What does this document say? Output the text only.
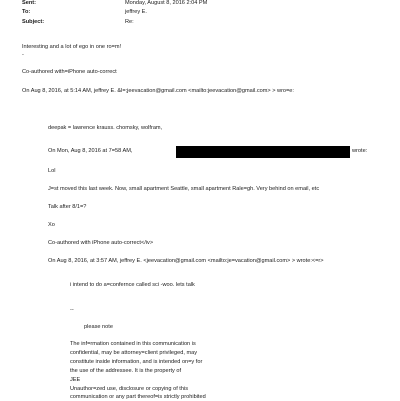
Sent:	Monday, August 8, 2016 2:04 PM
To:	jeffrey E.
Subject:	Re:
Interesting and a lot of ego in one ro=m!
-
Co-authored with=iPhone auto-correct
On Aug 8, 2016, at 5:14 AM, jeffrey E. &l=;jeevacation@gmail.com <mailto:jeevacation@gmail.com> > wro=e:
deepak = lawrence krauss. chomsky, wolfram,
On Mon, Aug 8, 2016 at 7=58 AM,	wrote:
Lol
J=st moved this last week. Now, small apartment Seattle, small apartment Rale=gh. Very behind on email, etc
Talk after 8/1=?
Xo
Co-authored with iPhone auto-correct</iv>
On Aug 8, 2016, at 3:57 AM, jeffrey E. <jeevacation@gmail.com <mailto:je=vacation@gmail.com> > wrote:<=r>
i intend to do a=confernce called sci -woo. lets talk
--
please note
The inf=rmation contained in this communication is
confidential, may be attorney=client privileged, may
constitute inside information, and is intended on=y for
the use of the addressee. It is the property of
JEE
Unauthor=zed use, disclosure or copying of this
communication or any part thereof=is strictly prohibited
